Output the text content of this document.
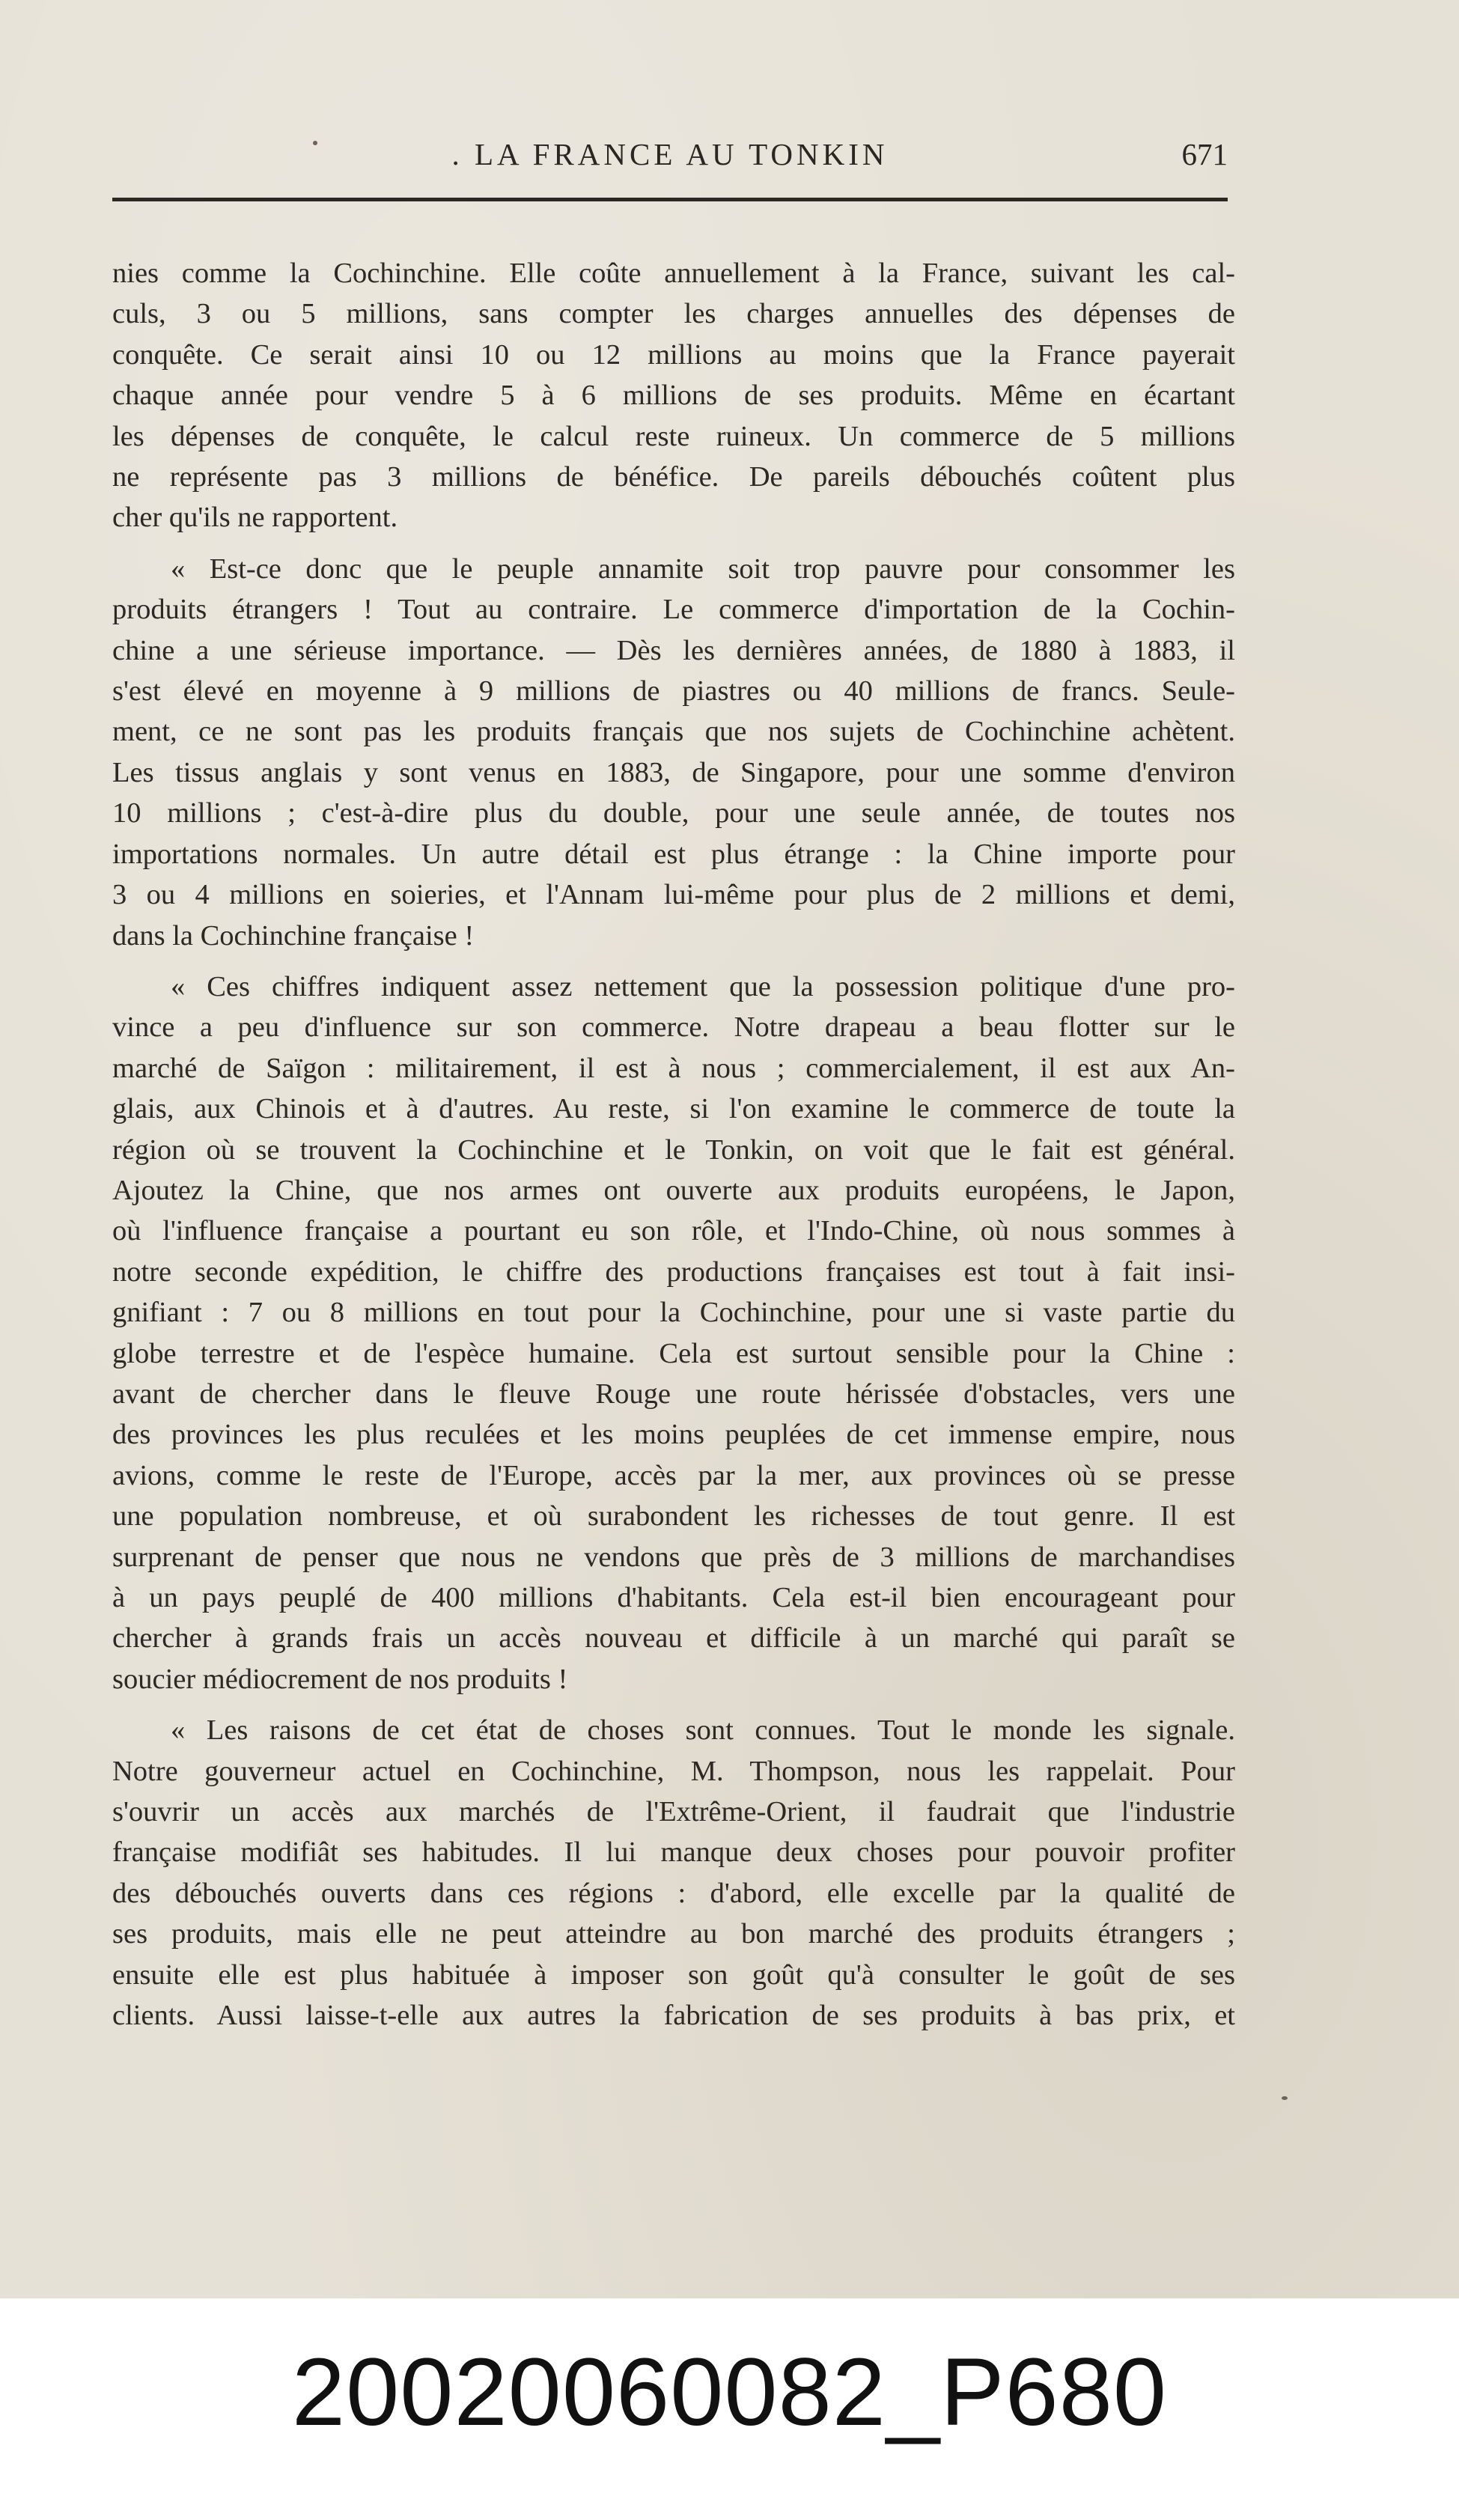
. LA FRANCE AU TONKIN	671
nies comme la Cochinchine. Elle coûte annuellement à la France, suivant les cal-
culs, 3 ou 5 millions, sans compter les charges annuelles des dépenses de
conquête. Ce serait ainsi 10 ou 12 millions au moins que la France payerait
chaque année pour vendre 5 à 6 millions de ses produits. Même en écartant
les dépenses de conquête, le calcul reste ruineux. Un commerce de 5 millions
ne représente pas 3 millions de bénéfice. De pareils débouchés coûtent plus
cher qu'ils ne rapportent.
« Est-ce donc que le peuple annamite soit trop pauvre pour consommer les
produits étrangers ! Tout au contraire. Le commerce d'importation de la Cochin-
chine a une sérieuse importance. — Dès les dernières années, de 1880 à 1883, il
s'est élevé en moyenne à 9 millions de piastres ou 40 millions de francs. Seule-
ment, ce ne sont pas les produits français que nos sujets de Cochinchine achètent.
Les tissus anglais y sont venus en 1883, de Singapore, pour une somme d'environ
10 millions ; c'est-à-dire plus du double, pour une seule année, de toutes nos
importations normales. Un autre détail est plus étrange : la Chine importe pour
3 ou 4 millions en soieries, et l'Annam lui-même pour plus de 2 millions et demi,
dans la Cochinchine française !
« Ces chiffres indiquent assez nettement que la possession politique d'une pro-
vince a peu d'influence sur son commerce. Notre drapeau a beau flotter sur le
marché de Saïgon : militairement, il est à nous ; commercialement, il est aux An-
glais, aux Chinois et à d'autres. Au reste, si l'on examine le commerce de toute la
région où se trouvent la Cochinchine et le Tonkin, on voit que le fait est général.
Ajoutez la Chine, que nos armes ont ouverte aux produits européens, le Japon,
où l'influence française a pourtant eu son rôle, et l'Indo-Chine, où nous sommes à
notre seconde expédition, le chiffre des productions françaises est tout à fait insi-
gnifiant : 7 ou 8 millions en tout pour la Cochinchine, pour une si vaste partie du
globe terrestre et de l'espèce humaine. Cela est surtout sensible pour la Chine :
avant de chercher dans le fleuve Rouge une route hérissée d'obstacles, vers une
des provinces les plus reculées et les moins peuplées de cet immense empire, nous
avions, comme le reste de l'Europe, accès par la mer, aux provinces où se presse
une population nombreuse, et où surabondent les richesses de tout genre. Il est
surprenant de penser que nous ne vendons que près de 3 millions de marchandises
à un pays peuplé de 400 millions d'habitants. Cela est-il bien encourageant pour
chercher à grands frais un accès nouveau et difficile à un marché qui paraît se
soucier médiocrement de nos produits !
« Les raisons de cet état de choses sont connues. Tout le monde les signale.
Notre gouverneur actuel en Cochinchine, M. Thompson, nous les rappelait. Pour
s'ouvrir un accès aux marchés de l'Extrême-Orient, il faudrait que l'industrie
française modifiât ses habitudes. Il lui manque deux choses pour pouvoir profiter
des débouchés ouverts dans ces régions : d'abord, elle excelle par la qualité de
ses produits, mais elle ne peut atteindre au bon marché des produits étrangers ;
ensuite elle est plus habituée à imposer son goût qu'à consulter le goût de ses
clients. Aussi laisse-t-elle aux autres la fabrication de ses produits à bas prix, et
20020060082_P680
